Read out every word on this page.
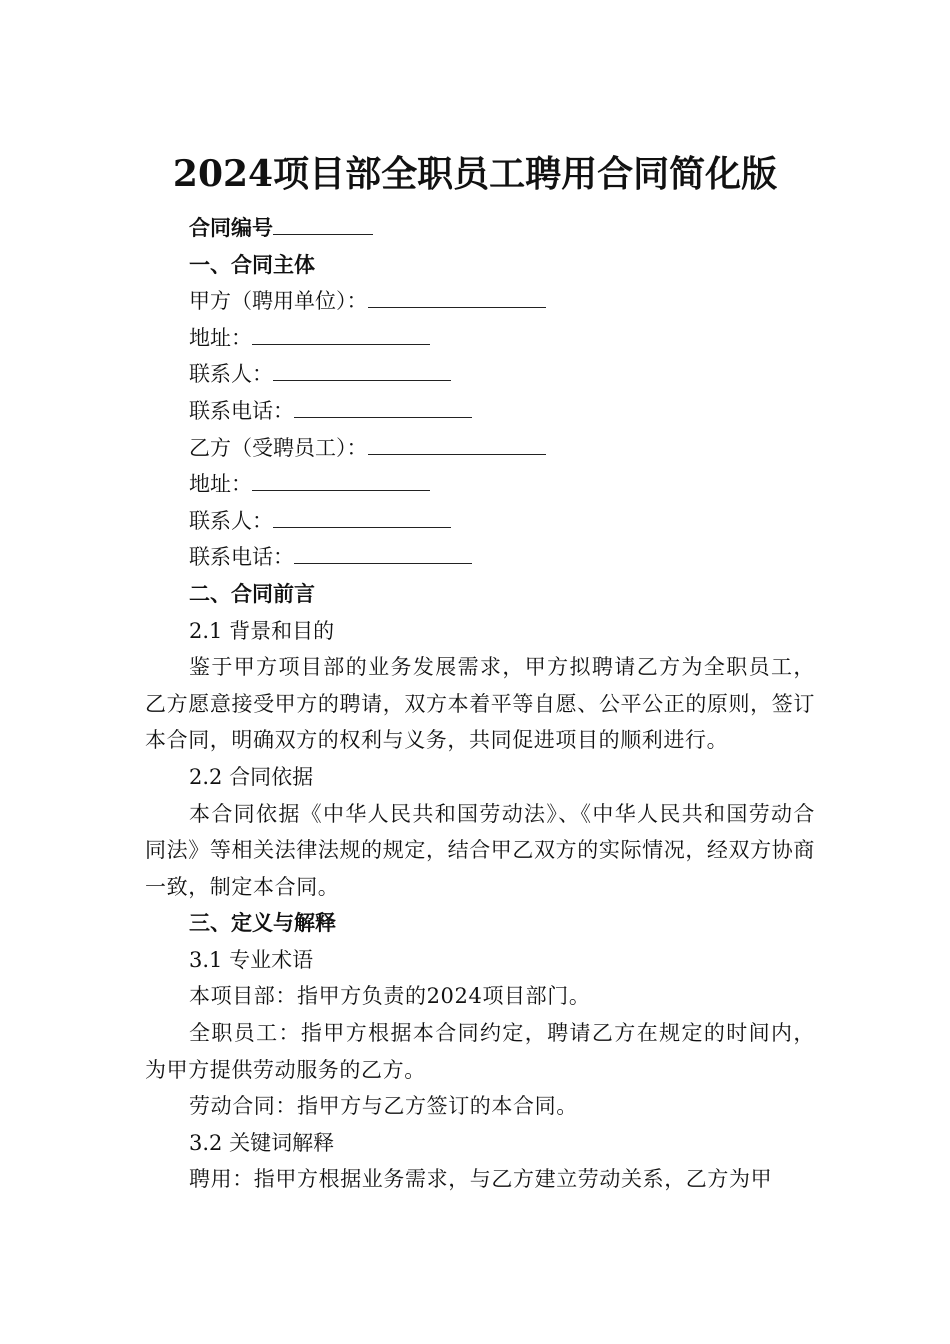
2024项目部全职员工聘用合同简化版
合同编号
一、合同主体
甲方（聘用单位）：
地址：
联系人：
联系电话：
乙方（受聘员工）：
地址：
联系人：
联系电话：
二、合同前言
2.1 背景和目的
鉴于甲方项目部的业务发展需求，甲方拟聘请乙方为全职员工，乙方愿意接受甲方的聘请，双方本着平等自愿、公平公正的原则，签订本合同，明确双方的权利与义务，共同促进项目的顺利进行。
2.2 合同依据
本合同依据《中华人民共和国劳动法》、《中华人民共和国劳动合同法》等相关法律法规的规定，结合甲乙双方的实际情况，经双方协商一致，制定本合同。
三、定义与解释
3.1 专业术语
本项目部：指甲方负责的2024项目部门。
全职员工：指甲方根据本合同约定，聘请乙方在规定的时间内，为甲方提供劳动服务的乙方。
劳动合同：指甲方与乙方签订的本合同。
3.2 关键词解释
聘用：指甲方根据业务需求，与乙方建立劳动关系，乙方为甲
